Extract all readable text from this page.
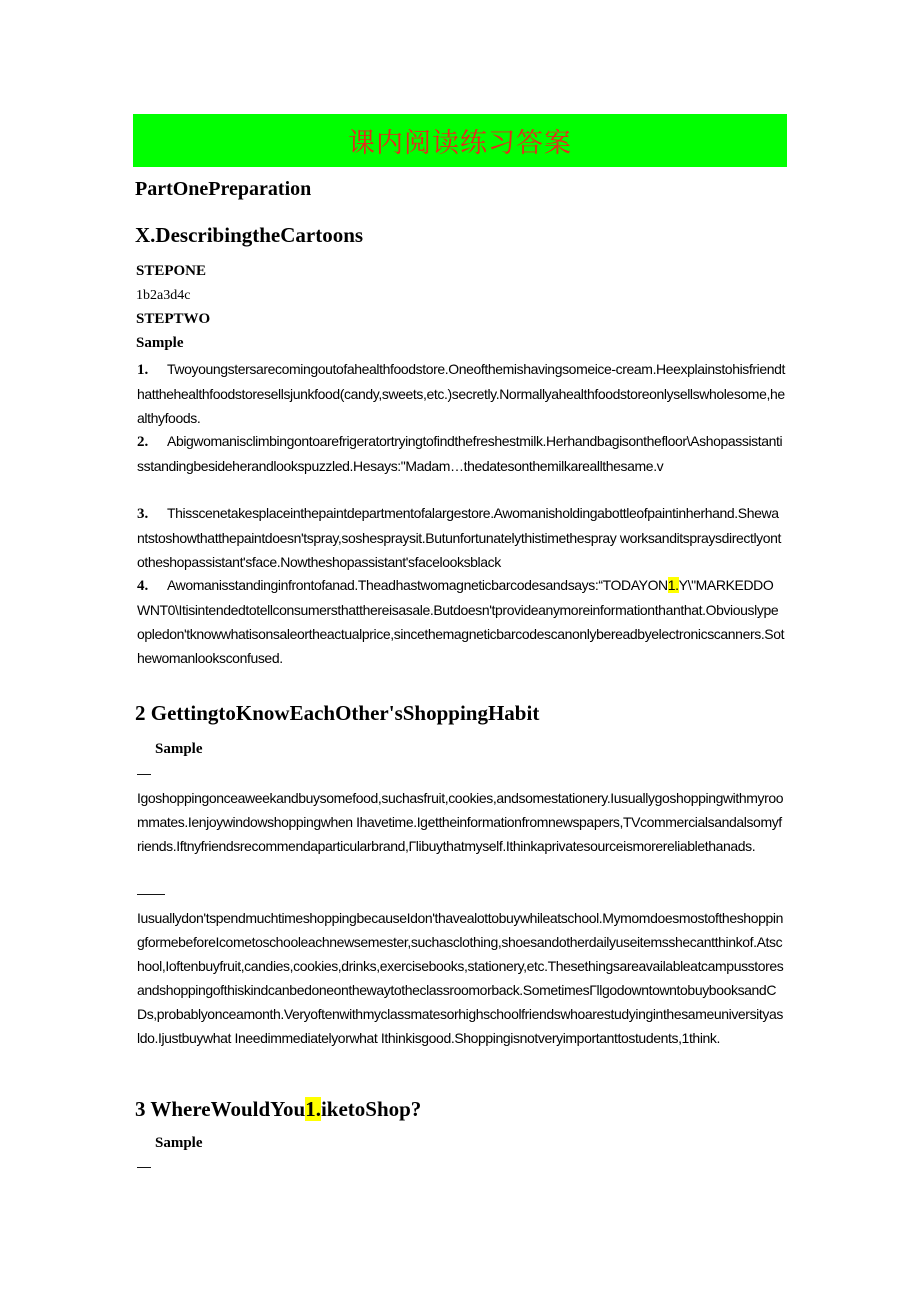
课内阅读练习答案
PartOnePreparation
X.DescribingtheCartoons
STEPONE
1b2a3d4c
STEPTWO
Sample
1. Twoyoungstersarecomingoutofahealthfoodstore.Oneofthemishavingsomeice-cream.Heexplainstohisfriendthatthehealthfoodstoresellsjunkfood(candy,sweets,etc.)secretly.Normallyahealthfoodstoreonlysellswholesome,healthyfoods.
2. Abigwomanisclimbingontoarefrigeratortryingtofindthefreshestmilk.Herhandbagisonthefloor\Ashopassistantisstandingbesideherandlookspuzzled.Hesays:"Madam…thedatesonthemilkareallthesame.v
3. Thisscenetakesplaceinthepaintdepartmentofalargestore.Awomanisholdingabottleofpaintinherhand.Shewantstoshowthatthepaintdoesn'tspray,soshespraysit.Butunfortunatelythistimethespray worksanditspraysdirectlyontotheshopassistant'sface.Nowtheshopassistant'sfacelooksblack
4. Awomanisstandinginfrontofanad.Theadhastwomagneticbarcodesandsays:“TODAYON1.Y\"MARKEDDOWNT0\Itisintendedtotellconsumersthatthereisasale.Butdoesn'tprovideanymoreinformationthanthat.Obviouslypeopledon'tknowwhatisonsaleortheactualprice,sincethemagneticbarcodescanonlybereadbyelectronicscanners.Sothewomanlooksconfused.
2 GettingtoKnowEachOther'sShoppingHabit
Sample
—
Igoshoppingonceaweekandbuysomefood,suchasfruit,cookies,andsomestationery.Iusuallygoshoppingwithmyroommates.Ienjoywindowshoppingwhen Ihavetime.Igettheinformationfromnewspapers,TVcommercialsandalsomyfriends.Iftnyfriendsrecommendaparticularbrand,Γlibuythatmyself.Ithinkaprivatesourceismorereliablethanads.
——
Iusuallydon'tspendmuchtimeshoppingbecauseIdon'thavealottobuywhileatschool.MymomdoesmostoftheshoppingformebeforeIcometoschooleachnewsemester,suchasclothing,shoesandotherdailyuseitemsshecantthinkof.Atschool,Ioftenbuyfruit,candies,cookies,drinks,exercisebooks,stationery,etc.Thesethingsareavailableatcampusstoresandshoppingofthiskindcanbedoneonthewaytotheclassroomorback.SometimesΓllgodowntowntobuybooksandCDs,probablyonceamonth.Veryoftenwithmyclassmatesorhighschoolfriendswhoarestudyinginthesameuniversityasldo.Ijustbuywhat Ineedimmediatelyorwhat Ithinkisgood.Shoppingisnotveryimportanttostudents,1think.
3 WhereWouldYou1.iketoShop?
Sample
—
